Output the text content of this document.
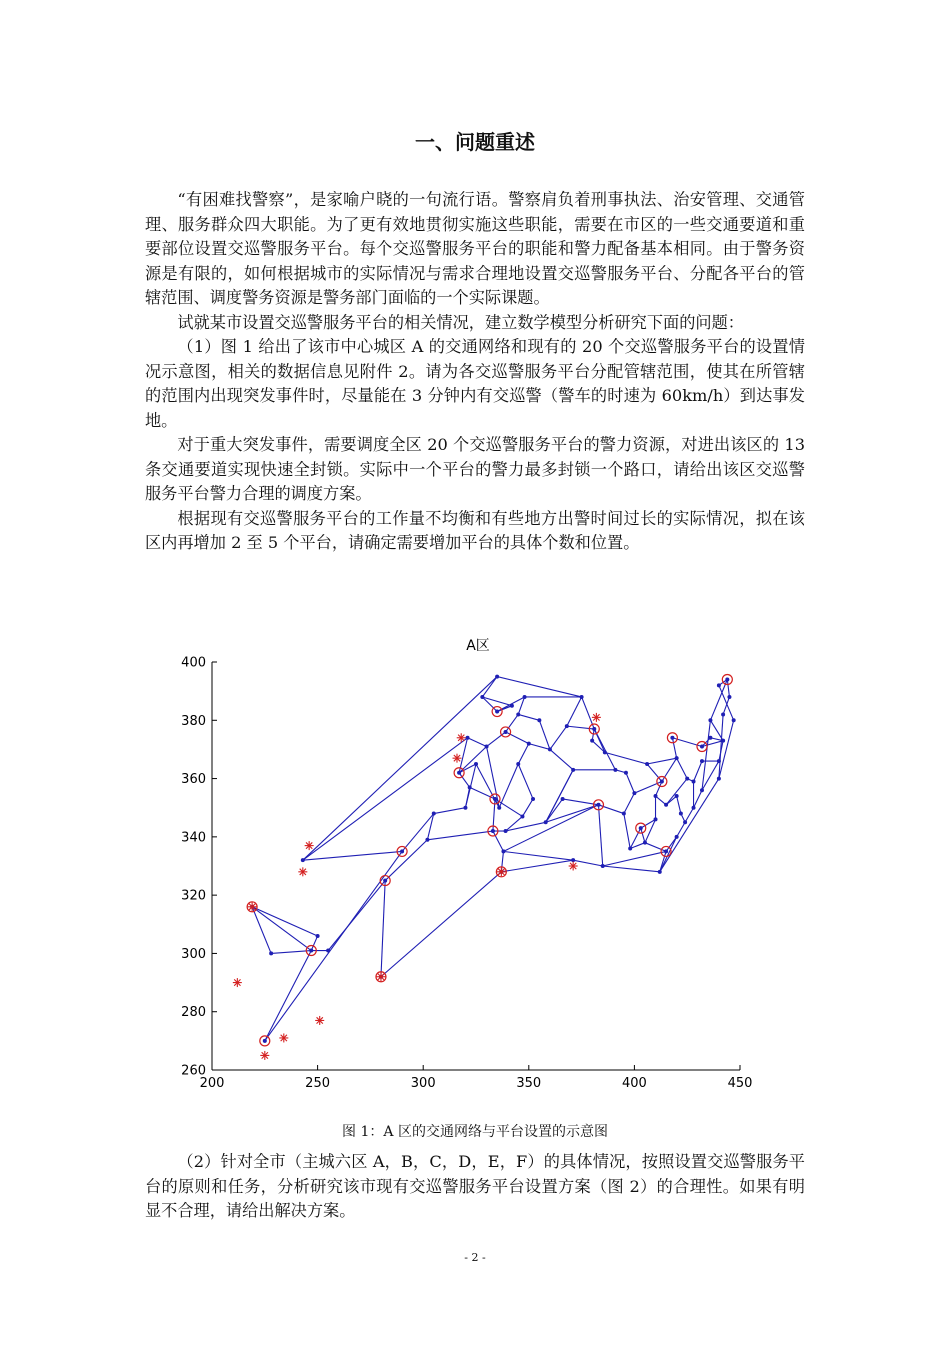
一、问题重述

“有困难找警察”，是家喻户晓的一句流行语。警察肩负着刑事执法、治安管理、交通管理、服务群众四大职能。为了更有效地贯彻实施这些职能，需要在市区的一些交通要道和重要部位设置交巡警服务平台。每个交巡警服务平台的职能和警力配备基本相同。由于警务资源是有限的，如何根据城市的实际情况与需求合理地设置交巡警服务平台、分配各平台的管辖范围、调度警务资源是警务部门面临的一个实际课题。

试就某市设置交巡警服务平台的相关情况，建立数学模型分析研究下面的问题：

（1）图 1 给出了该市中心城区 A 的交通网络和现有的 20 个交巡警服务平台的设置情况示意图，相关的数据信息见附件 2。请为各交巡警服务平台分配管辖范围，使其在所管辖的范围内出现突发事件时，尽量能在 3 分钟内有交巡警（警车的时速为 60km/h）到达事发地。

对于重大突发事件，需要调度全区 20 个交巡警服务平台的警力资源，对进出该区的 13 条交通要道实现快速全封锁。实际中一个平台的警力最多封锁一个路口，请给出该区交巡警服务平台警力合理的调度方案。

根据现有交巡警服务平台的工作量不均衡和有些地方出警时间过长的实际情况，拟在该区内再增加 2 至 5 个平台，请确定需要增加平台的具体个数和位置。

A区
200	250	300	350	400	450
260
280
300
320
340
360
380
400
图 1：A 区的交通网络与平台设置的示意图

（2）针对全市（主城六区 A，B，C，D，E，F）的具体情况，按照设置交巡警服务平台的原则和任务，分析研究该市现有交巡警服务平台设置方案（图 2）的合理性。如果有明显不合理，请给出解决方案。

- 2 -
